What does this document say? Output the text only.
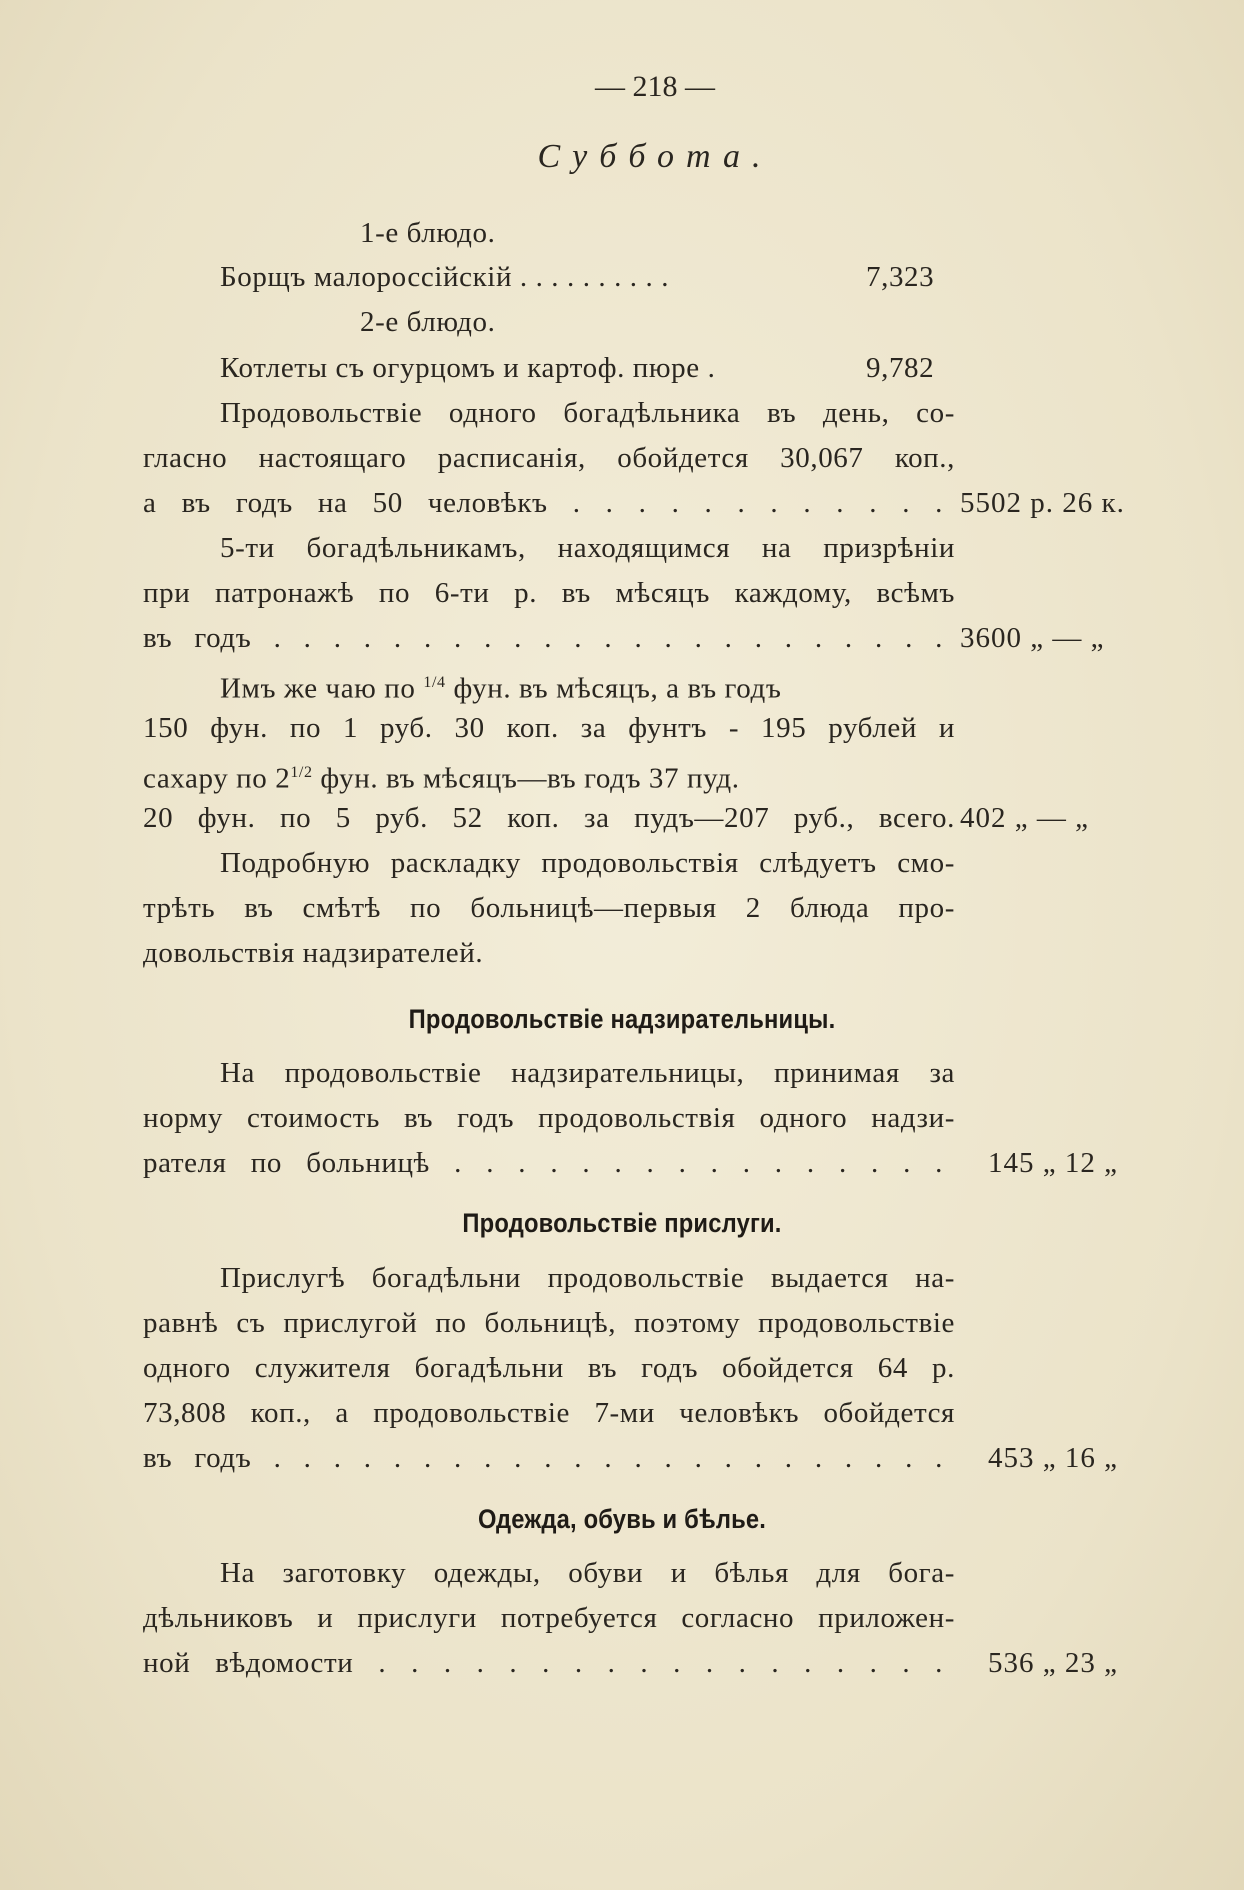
— 218 —
Суббота.
1-е блюдо.
Борщъ малороссійскій . . . . . . . . . .	7,323
2-е блюдо.
Котлеты съ огурцомъ и картоф. пюре .	9,782
Продовольствіе одного богадѣльника въ день, со-
гласно настоящаго расписанія, обойдется 30,067 коп.,
а въ годъ на 50 человѣкъ . . . . . . . . . . . . 5502 р. 26 к.
5-ти богадѣльникамъ, находящимся на призрѣніи
при патронажѣ по 6-ти р. въ мѣсяцъ каждому, всѣмъ
въ годъ . . . . . . . . . . . . . . . . . . . . . . . 3600 „ — „
Имъ же чаю по $^{1/4}$ фун. въ мѣсяцъ, а въ годъ
150 фун. по 1 руб. 30 коп. за фунтъ - 195 рублей и
сахару по $2^{1/2}$ фун. въ мѣсяцъ—въ годъ 37 пуд.
20 фун. по 5 руб. 52 коп. за пудъ—207 руб., всего. 402 „ — „
Подробную раскладку продовольствія слѣдуетъ смо-
трѣть въ смѣтѣ по больницѣ—первыя 2 блюда про-
довольствія надзирателей.
Продовольствіе надзирательницы.
На продовольствіе надзирательницы, принимая за
норму стоимость въ годъ продовольствія одного надзи-
рателя по больницѣ . . . . . . . . . . . . . . . . 145 „ 12 „
Продовольствіе прислуги.
Прислугѣ богадѣльни продовольствіе выдается на-
равнѣ съ прислугой по больницѣ, поэтому продовольствіе
одного служителя богадѣльни въ годъ обойдется 64 р.
73,808 коп., а продовольствіе 7-ми человѣкъ обойдется
въ годъ . . . . . . . . . . . . . . . . . . . . . . . 453 „ 16 „
Одежда, обувь и бѣлье.
На заготовку одежды, обуви и бѣлья для бога-
дѣльниковъ и прислуги потребуется согласно приложен-
ной вѣдомости . . . . . . . . . . . . . . . . . . 536 „ 23 „
